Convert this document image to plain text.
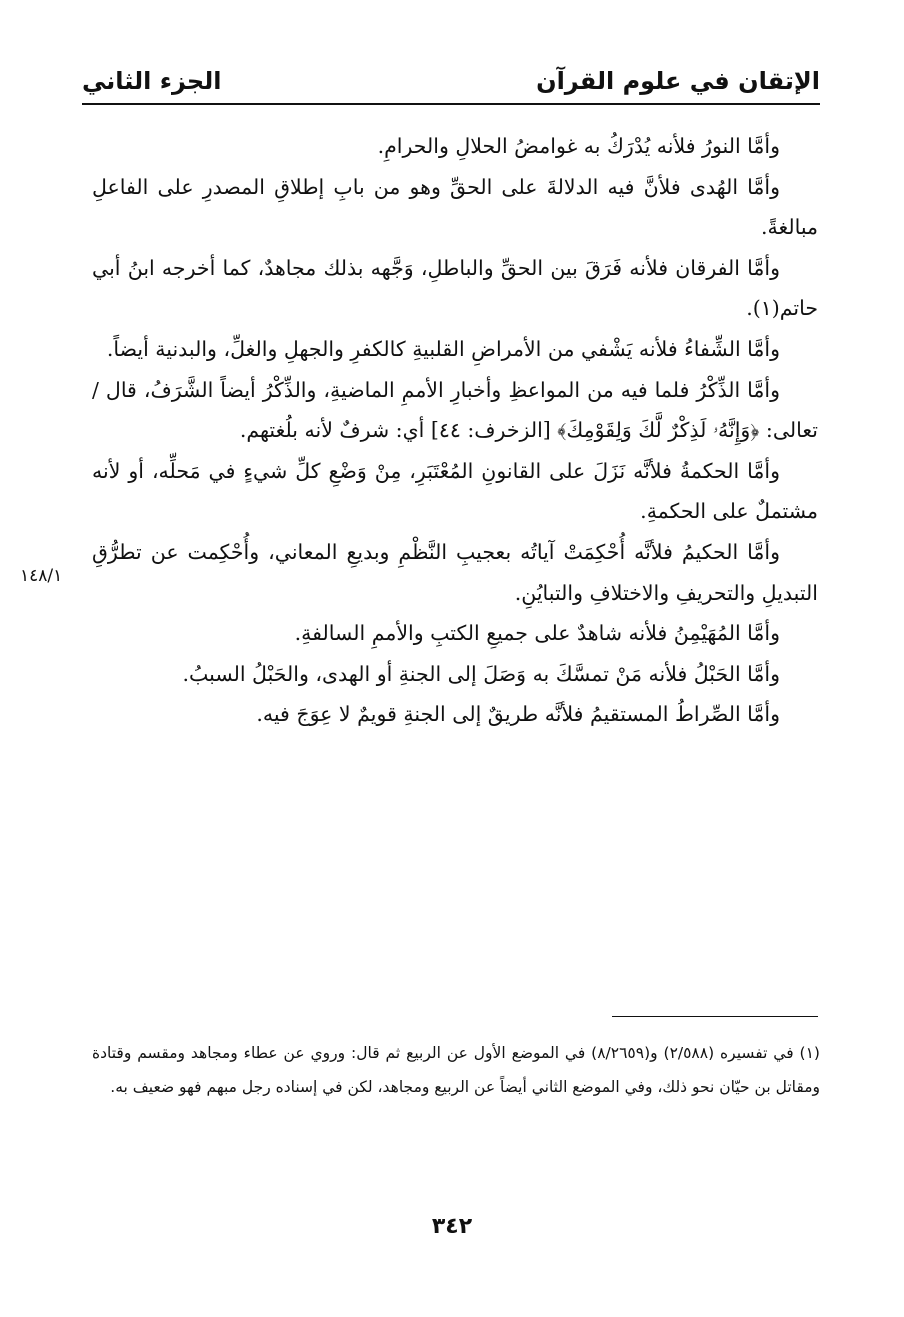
الإتقان في علوم القرآن
الجزء الثاني

وأمَّا النورُ فلأنه يُدْرَكُ به غوامضُ الحلالِ والحرامِ.

وأمَّا الهُدى فلأنَّ فيه الدلالةَ على الحقِّ وهو من بابِ إطلاقِ المصدرِ على الفاعلِ مبالغةً.

وأمَّا الفرقان فلأنه فَرَقَ بين الحقِّ والباطلِ، وَجَّهه بذلك مجاهدٌ، كما أخرجه ابنُ أبي حاتم(١).

وأمَّا الشِّفاءُ فلأنه يَشْفي من الأمراضِ القلبيةِ كالكفرِ والجهلِ والغلِّ، والبدنية أيضاً.

وأمَّا الذِّكْرُ فلما فيه من المواعظِ وأخبارِ الأممِ الماضيةِ، والذِّكْرُ أيضاً الشَّرَفُ، قال / تعالى: ﴿وَإِنَّهُۥ لَذِكْرٌ لَّكَ وَلِقَوْمِكَ﴾ [الزخرف: ٤٤] أي: شرفٌ لأنه بلُغتهم.

وأمَّا الحكمةُ فلأنَّه نَزَلَ على القانونِ المُعْتَبَرِ، مِنْ وَضْعِ كلِّ شيءٍ في مَحلِّه، أو لأنه مشتملٌ على الحكمةِ.

وأمَّا الحكيمُ فلأنَّه أُحْكِمَتْ آياتُه بعجيبِ النَّظْمِ وبديعِ المعاني، وأُحْكِمت عن تطرُّقِ التبديلِ والتحريفِ والاختلافِ والتبايُنِ.

وأمَّا المُهَيْمِنُ فلأنه شاهدٌ على جميعِ الكتبِ والأممِ السالفةِ.

وأمَّا الحَبْلُ فلأنه مَنْ تمسَّكَ به وَصَلَ إلى الجنةِ أو الهدى، والحَبْلُ السببُ.

وأمَّا الصِّراطُ المستقيمُ فلأنَّه طريقٌ إلى الجنةِ قويمٌ لا عِوَجَ فيه.

١٤٨/١

(١) في تفسيره (٢/٥٨٨) و(٨/٢٦٥٩) في الموضع الأول عن الربيع ثم قال: وروي عن عطاء ومجاهد ومقسم وقتادة ومقاتل بن حيّان نحو ذلك، وفي الموضع الثاني أيضاً عن الربيع ومجاهد، لكن في إسناده رجل مبهم فهو ضعيف به.

٣٤٢
